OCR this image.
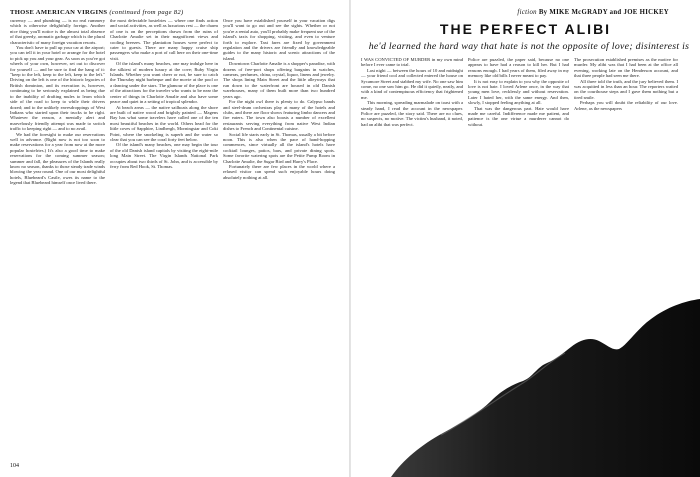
THOSE AMERICAN VIRGINS (continued from page 82)

currency — and plumbing — is no real rummery which is otherwise delightfully foreign. Another nice thing you'll notice is the almost total absence of that greedy, aromatic garbage which is the plural characteristic of many foreign vacation resorts.

You don't have to pull up your car at the airport; you can tell it in your hotel or arrange for the hotel to pick up you and your gear. As soon as you've got wheels of your own, however, set out to discover for yourself — and be sure to find the hang of it: "keep to the left, keep to the left, keep to the left." Driving on the left is one of the historic legacies of British dominion, and its execution is, however, continuing to be seriously explained as being due to the inability of drafting mules to learn which side of the road to keep to while their drivers dozed; and to the unlikely eavesdroppings of West Indians who started upon their trucks to be right. Whatever the reason, a mentally alert and marvelously friendly attempt was made to switch traffic to keeping right — and to no avail.

We had the foresight to make our reservations well in advance. (Right now is not too soon to make reservations for a year from now at the more popular hostelries.) It's also a good time to make reservations for the coming summer season; summer and fall, the pleasures of the Islands really know no season, thanks to those steady trade winds blowing the year round. One of our most delightful hotels, Bluebeard's Castle, owes its name to the legend that Bluebeard himself once lived there.

the most delectable hostelries — where one finds action and social activities, as well as luxurious rest — the charm of one is on the perceptions drawn from the ruins of Charlotte Amalie set in their magnificent views and cooling breezes. The plantation houses were perfect to cater to guests. There are many happy cruise ship passengers who make a port of call here on their one-time visit.

Of the island's many beaches, one may indulge here in the silkiest of modern luxury at the cove; Ruby Virgin Islands. Whether you want cheer or not, be sure to catch the Thursday night barbeque and the movie at the pool or a dancing under the stars. The glamour of the place is one of the attractions for the traveler who wants to be near the center of things in Charlotte Amalie and also have some peace and quiet in a setting of tropical splendor.

At beach areas — the native sailboats along the shore are built of native wood and brightly painted — Magens Bay has what some travelers have called one of the ten most beautiful beaches in the world. Others head for the little coves of Sapphire, Lindbergh, Morningstar and Coki Point, where the snorkeling is superb and the water so clear that you can see the coral forty feet below.

Of the island's many beaches, one may begin the tour of the old Danish island capitals by visiting the eight-mile long Main Street. The Virgin Islands National Park occupies about two thirds of St. John, and is accessible by ferry from Red Hook, St. Thomas.

Once you have established yourself in your vacation digs you'll want to go out and see the sights. Whether or not you're a rental auto, you'll probably make frequent use of the island's taxis for shopping, visiting, and even to venture forth to explore. Taxi fares are fixed by government regulation and the drivers are friendly and knowledgeable guides to the many historic and scenic attractions of the island.

Downtown Charlotte Amalie is a shopper's paradise, with dozens of free-port shops offering bargains in watches, cameras, perfumes, china, crystal, liquor, linens and jewelry. The shops lining Main Street and the little alleyways that run down to the waterfront are housed in old Danish warehouses, many of them built more than two hundred years ago.

For the night owl there is plenty to do. Calypso bands and steel-drum orchestras play at many of the hotels and clubs, and there are floor shows featuring limbo dancers and fire eaters. The town also boasts a number of excellent restaurants serving everything from native West Indian dishes to French and Continental cuisine.

Social life starts early in St. Thomas, usually a bit before noon. This is also when the pace of hand-hopping commences, since virtually all the island's hotels have cocktail lounges, patios, bars, and private dining spots. Some favorite watering spots are the Petite Pump Room in Charlotte Amalie, the Sugar Bird and Harry's Place.

Fortunately there are few places in the world where a relaxed visitor can spend such enjoyable hours doing absolutely nothing at all.

104
fiction By MIKE McGRADY and JOE HICKEY
THE PERFECT ALIBI
he'd learned the hard way that hate is not the opposite of love; disinterest is

I WAS CONVICTED OF MURDER in my own mind before I ever came to trial.

Last night — between the hours of 10 and midnight — your friend cool and collected entered the house on Sycamore Street and stabbed my wife. No one saw him come, no one saw him go. He did it quietly, neatly, and with a kind of contemptuous efficiency that frightened me.

This morning, spreading marmalade on toast with a steady hand, I read the account in the newspaper. Police are puzzled, the story said. There are no clues, no suspects, no motive. The victim's husband, it noted, had an alibi that was perfect.

Police are puzzled, the paper said, because no one appears to have had a reason to kill her. But I had reasons enough. I had years of them, filed away in my memory like old bills I never meant to pay.

It is not easy to explain to you why the opposite of love is not hate. I loved Arlene once, in the way that young men love, recklessly and without reservation. Later I hated her, with the same energy. And then, slowly, I stopped feeling anything at all.

That was the dangerous part. Hate would have made me careful. Indifference made me patient, and patience is the one virtue a murderer cannot do without.

The prosecution established premises as the motive for murder. My alibi was that I had been at the office all evening, working late on the Henderson account, and that three people had seen me there.

All three told the truth, and the jury believed them. I was acquitted in less than an hour. The reporters waited on the courthouse steps and I gave them nothing but a tired smile.

Perhaps you will doubt the reliability of our love. Arlene, as the newspapers
